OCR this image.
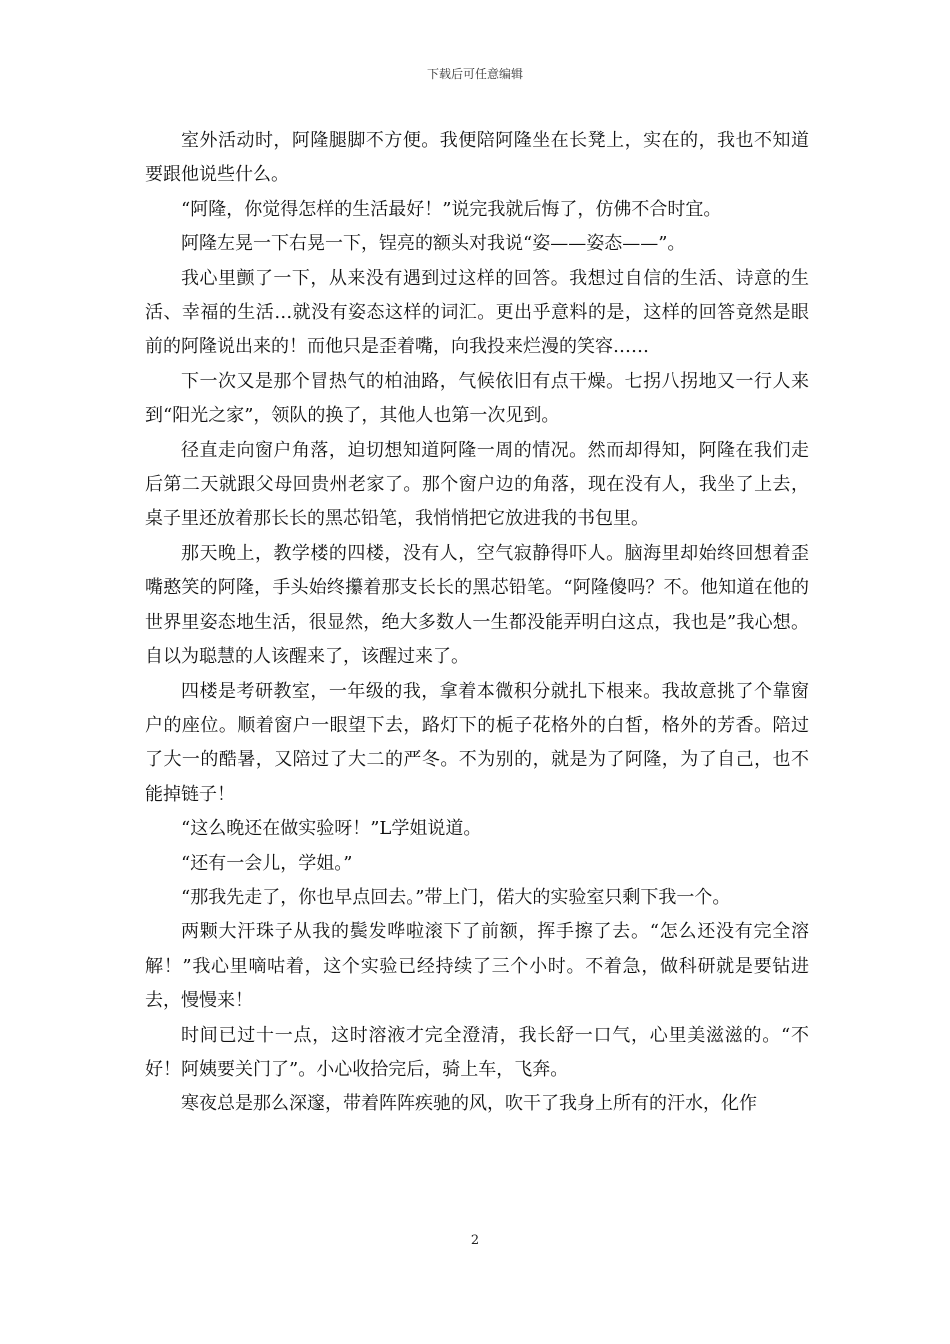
下载后可任意编辑

室外活动时，阿隆腿脚不方便。我便陪阿隆坐在长凳上，实在的，我也不知道要跟他说些什么。

“阿隆，你觉得怎样的生活最好！”说完我就后悔了，仿佛不合时宜。

阿隆左晃一下右晃一下，锃亮的额头对我说“姿——姿态——”。

我心里颤了一下，从来没有遇到过这样的回答。我想过自信的生活、诗意的生活、幸福的生活…就没有姿态这样的词汇。更出乎意料的是，这样的回答竟然是眼前的阿隆说出来的！而他只是歪着嘴，向我投来烂漫的笑容……

下一次又是那个冒热气的柏油路，气候依旧有点干燥。七拐八拐地又一行人来到“阳光之家”，领队的换了，其他人也第一次见到。

径直走向窗户角落，迫切想知道阿隆一周的情况。然而却得知，阿隆在我们走后第二天就跟父母回贵州老家了。那个窗户边的角落，现在没有人，我坐了上去，桌子里还放着那长长的黑芯铅笔，我悄悄把它放进我的书包里。

那天晚上，教学楼的四楼，没有人，空气寂静得吓人。脑海里却始终回想着歪嘴憨笑的阿隆，手头始终攥着那支长长的黑芯铅笔。“阿隆傻吗？不。他知道在他的世界里姿态地生活，很显然，绝大多数人一生都没能弄明白这点，我也是”我心想。自以为聪慧的人该醒来了，该醒过来了。

四楼是考研教室，一年级的我，拿着本微积分就扎下根来。我故意挑了个靠窗户的座位。顺着窗户一眼望下去，路灯下的栀子花格外的白皙，格外的芳香。陪过了大一的酷暑，又陪过了大二的严冬。不为别的，就是为了阿隆，为了自己，也不能掉链子！

“这么晚还在做实验呀！”L学姐说道。

“还有一会儿，学姐。”

“那我先走了，你也早点回去。”带上门，偌大的实验室只剩下我一个。

两颗大汗珠子从我的鬓发哗啦滚下了前额，挥手擦了去。“怎么还没有完全溶解！”我心里嘀咕着，这个实验已经持续了三个小时。不着急，做科研就是要钻进去，慢慢来！

时间已过十一点，这时溶液才完全澄清，我长舒一口气，心里美滋滋的。“不好！阿姨要关门了”。小心收拾完后，骑上车，飞奔。

寒夜总是那么深邃，带着阵阵疾驰的风，吹干了我身上所有的汗水，化作

2
